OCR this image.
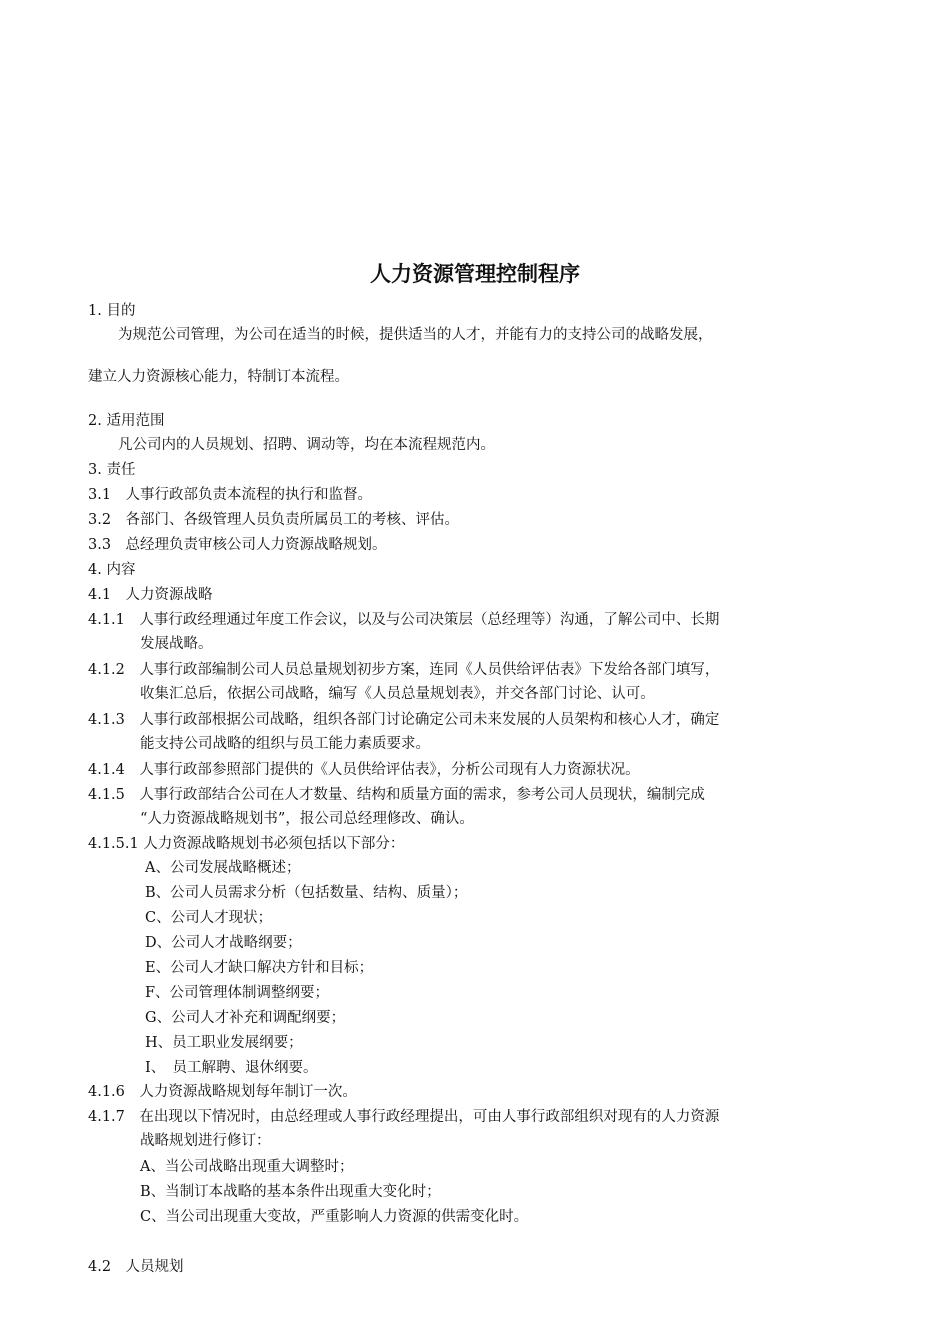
人力资源管理控制程序
1. 目的
为规范公司管理，为公司在适当的时候，提供适当的人才，并能有力的支持公司的战略发展，
建立人力资源核心能力，特制订本流程。
2. 适用范围
凡公司内的人员规划、招聘、调动等，均在本流程规范内。
3. 责任
3.1　人事行政部负责本流程的执行和监督。
3.2　各部门、各级管理人员负责所属员工的考核、评估。
3.3　总经理负责审核公司人力资源战略规划。
4. 内容
4.1　人力资源战略
4.1.1　人事行政经理通过年度工作会议，以及与公司决策层（总经理等）沟通，了解公司中、长期
发展战略。
4.1.2　人事行政部编制公司人员总量规划初步方案，连同《人员供给评估表》下发给各部门填写，
收集汇总后，依据公司战略，编写《人员总量规划表》，并交各部门讨论、认可。
4.1.3　人事行政部根据公司战略，组织各部门讨论确定公司未来发展的人员架构和核心人才，确定
能支持公司战略的组织与员工能力素质要求。
4.1.4　人事行政部参照部门提供的《人员供给评估表》，分析公司现有人力资源状况。
4.1.5　人事行政部结合公司在人才数量、结构和质量方面的需求，参考公司人员现状，编制完成
“人力资源战略规划书”，报公司总经理修改、确认。
4.1.5.1 人力资源战略规划书必须包括以下部分：
A、公司发展战略概述；
B、公司人员需求分析（包括数量、结构、质量）；
C、公司人才现状；
D、公司人才战略纲要；
E、公司人才缺口解决方针和目标；
F、公司管理体制调整纲要；
G、公司人才补充和调配纲要；
H、员工职业发展纲要；
I、　员工解聘、退休纲要。
4.1.6　人力资源战略规划每年制订一次。
4.1.7　在出现以下情况时，由总经理或人事行政经理提出，可由人事行政部组织对现有的人力资源
战略规划进行修订：
A、当公司战略出现重大调整时；
B、当制订本战略的基本条件出现重大变化时；
C、当公司出现重大变故，严重影响人力资源的供需变化时。
4.2　人员规划
